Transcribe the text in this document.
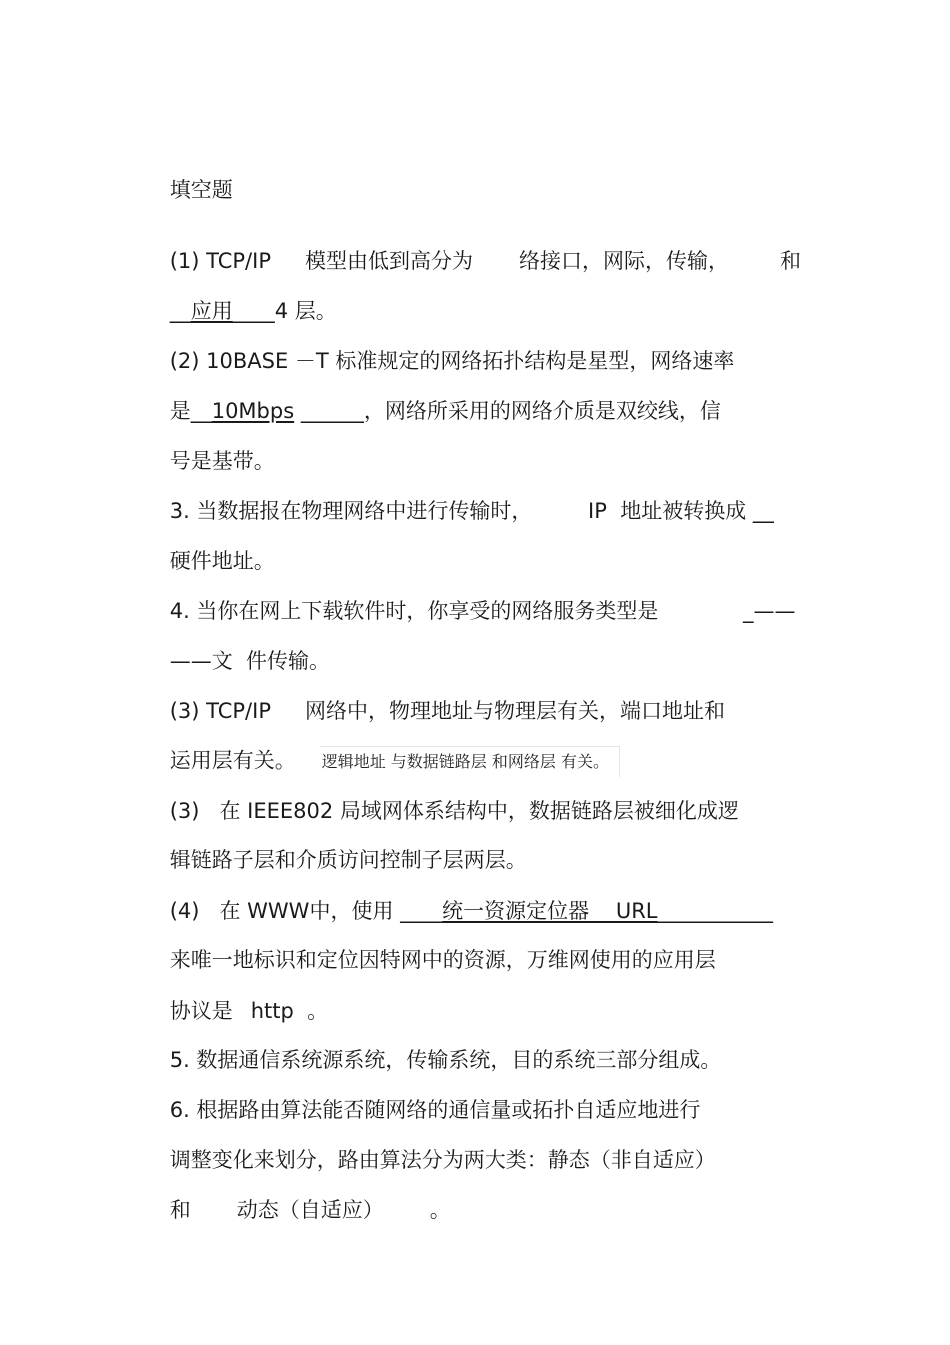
填空题

(1) TCP/IP 模型由低到高分为 络接口，网际，传输， 和

__应用____4 层。

(2) 10BASE －T 标准规定的网络拓扑结构是星型，网络速率

是__10Mbps ______，网络所采用的网络介质是双绞线，信

号是基带。

3. 当数据报在物理网络中进行传输时，	IP  地址被转换成 __

硬件地址。

4. 当你在网上下载软件时，你享受的网络服务类型是	_——

——文  件传输。

(3) TCP/IP 网络中，物理地址与物理层有关，端口地址和

运用层有关。 逻辑地址 与数据链路层 和网络层 有关。

(3)   在 IEEE802 局域网体系结构中，数据链路层被细化成逻

辑链路子层和介质访问控制子层两层。

(4)   在 WWW中，使用 ____统一资源定位器    URL___________

来唯一地标识和定位因特网中的资源，万维网使用的应用层

协议是 http  。

5. 数据通信系统源系统，传输系统，目的系统三部分组成。

6. 根据路由算法能否随网络的通信量或拓扑自适应地进行

调整变化来划分，路由算法分为两大类：静态（非自适应）

和 动态（自适应） 。
